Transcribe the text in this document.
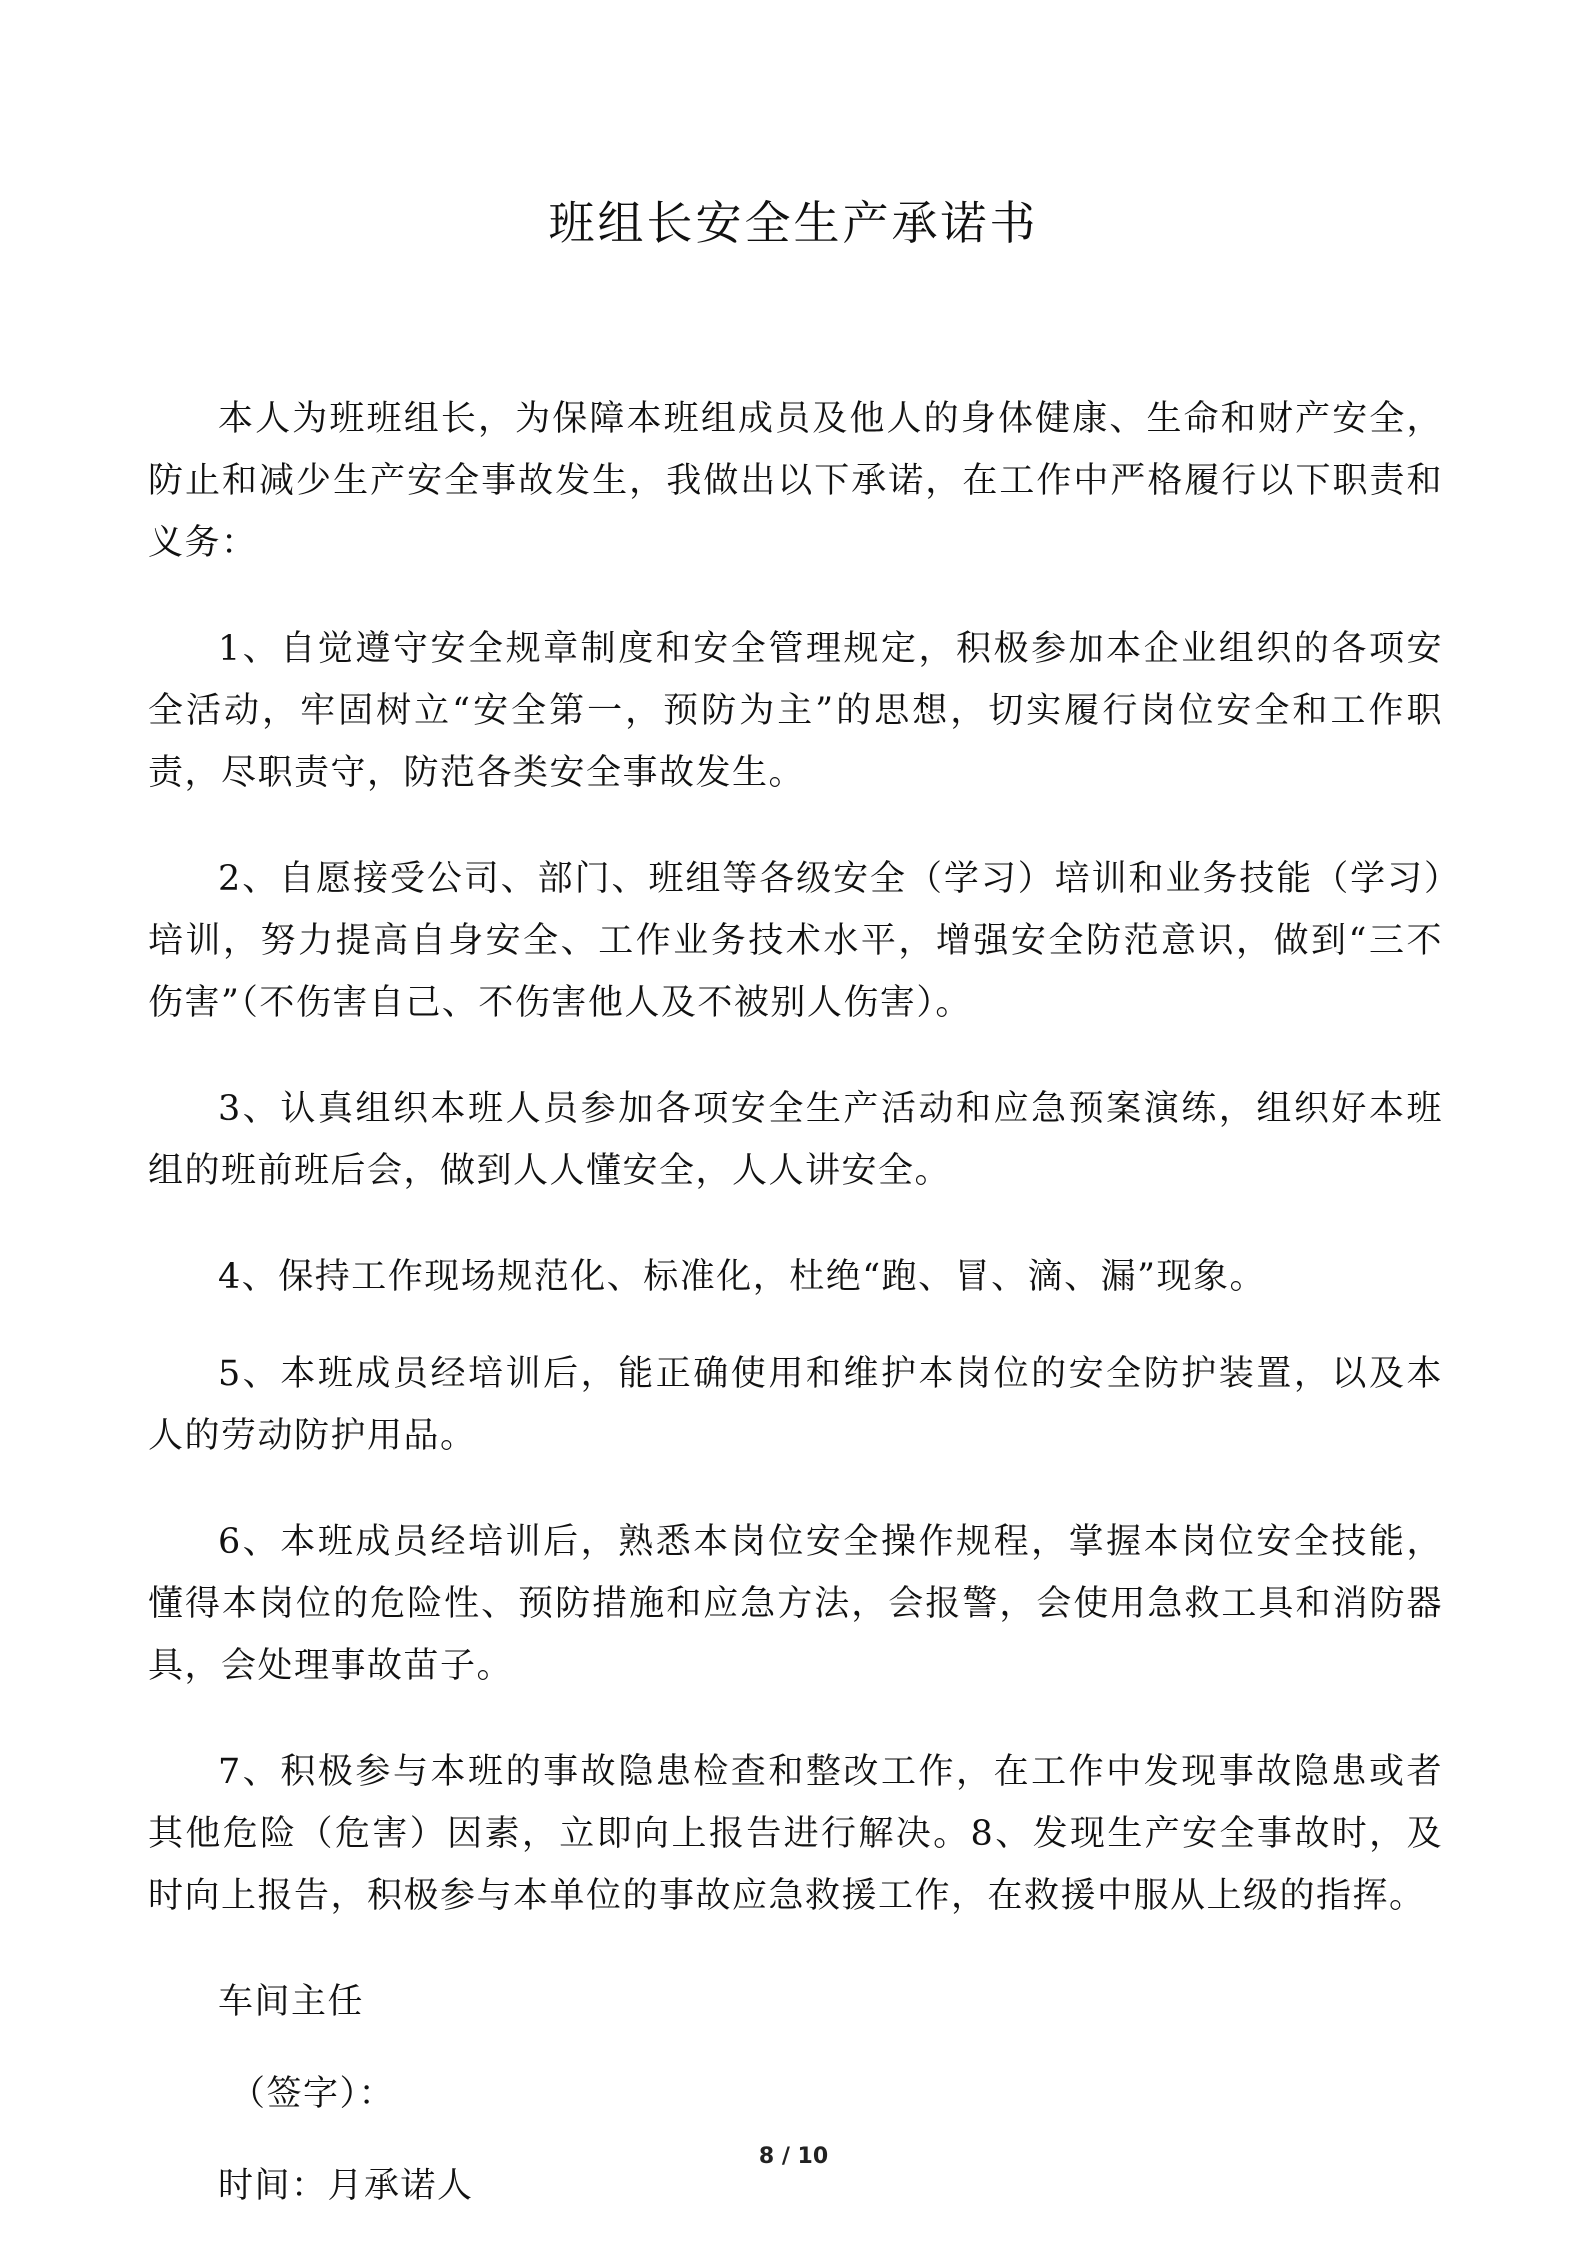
班组长安全生产承诺书

本人为班班组长，为保障本班组成员及他人的身体健康、生命和财产安全，防止和减少生产安全事故发生，我做出以下承诺，在工作中严格履行以下职责和义务：

1、自觉遵守安全规章制度和安全管理规定，积极参加本企业组织的各项安全活动，牢固树立“安全第一，预防为主”的思想，切实履行岗位安全和工作职责，尽职责守，防范各类安全事故发生。

2、自愿接受公司、部门、班组等各级安全（学习）培训和业务技能（学习）培训，努力提高自身安全、工作业务技术水平，增强安全防范意识，做到“三不伤害”（不伤害自己、不伤害他人及不被别人伤害）。

3、认真组织本班人员参加各项安全生产活动和应急预案演练，组织好本班组的班前班后会，做到人人懂安全，人人讲安全。

4、保持工作现场规范化、标准化，杜绝“跑、冒、滴、漏”现象。

5、本班成员经培训后，能正确使用和维护本岗位的安全防护装置，以及本人的劳动防护用品。

6、本班成员经培训后，熟悉本岗位安全操作规程，掌握本岗位安全技能，懂得本岗位的危险性、预防措施和应急方法，会报警，会使用急救工具和消防器具，会处理事故苗子。

7、积极参与本班的事故隐患检查和整改工作，在工作中发现事故隐患或者其他危险（危害）因素，立即向上报告进行解决。8、发现生产安全事故时，及时向上报告，积极参与本单位的事故应急救援工作，在救援中服从上级的指挥。

车间主任
（签字）：
时间：月承诺人
8 / 10
